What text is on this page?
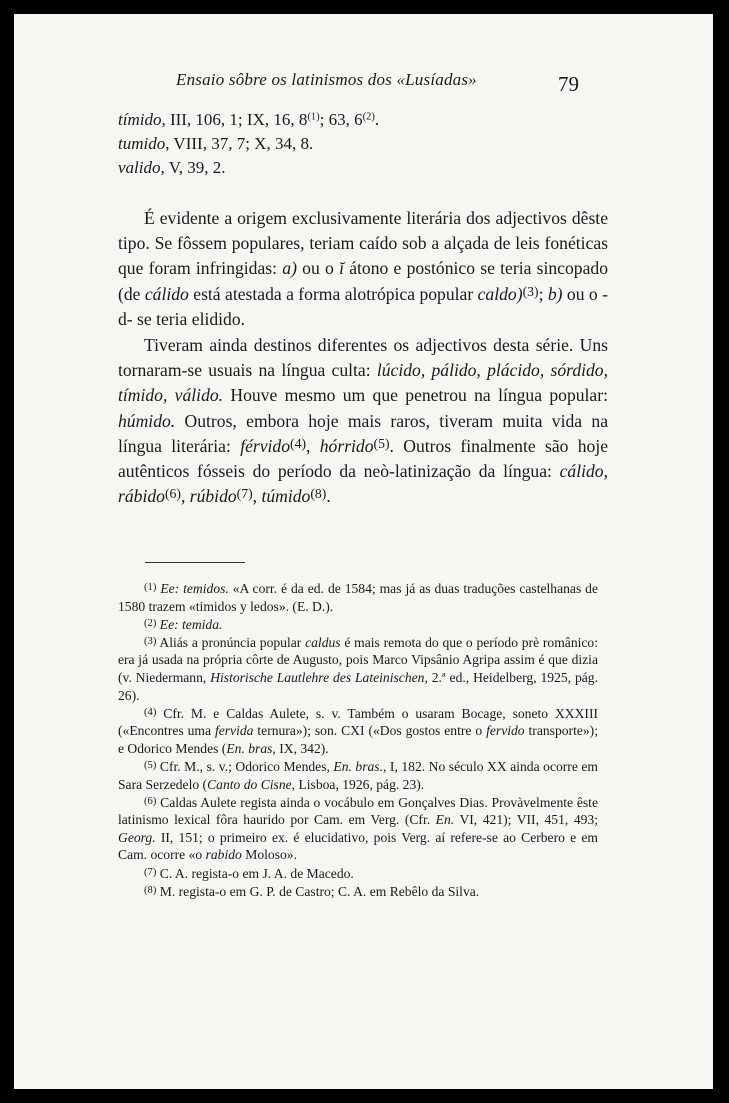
Ensaio sôbre os latinismos dos «Lusíadas»	79
tímido, III, 106, 1; IX, 16, 8$^{(1)}$; 63, 6$^{(2)}$.
tumido, VIII, 37, 7; X, 34, 8.
valido, V, 39, 2.

É evidente a origem exclusivamente literária dos adjectivos dêste tipo. Se fôssem populares, teriam caído sob a alçada de leis fonéticas que foram infringidas: a) ou o ĭ átono e postónico se teria sincopado (de cálido está atestada a forma alotrópica popular caldo)$^{(3)}$; b) ou o -d- se teria elidido.

Tiveram ainda destinos diferentes os adjectivos desta série. Uns tornaram-se usuais na língua culta: lúcido, pálido, plácido, sórdido, tímido, válido. Houve mesmo um que penetrou na língua popular: húmido. Outros, embora hoje mais raros, tiveram muita vida na língua literária: férvido$^{(4)}$, hórrido$^{(5)}$. Outros finalmente são hoje autênticos fósseis do período da neò-latinização da língua: cálido, rábido$^{(6)}$, rúbido$^{(7)}$, túmido$^{(8)}$.

$^{(1)}$ Ee: temidos. «A corr. é da ed. de 1584; mas já as duas traduções castelhanas de 1580 trazem «timidos y ledos». (E. D.).

$^{(2)}$ Ee: temida.

$^{(3)}$ Aliás a pronúncia popular caldus é mais remota do que o período prè românico: era já usada na própria côrte de Augusto, pois Marco Vipsânio Agripa assim é que dizia (v. Niedermann, Historische Lautlehre des Lateinischen, 2.ª ed., Heidelberg, 1925, pág. 26).

$^{(4)}$ Cfr. M. e Caldas Aulete, s. v. Também o usaram Bocage, soneto XXXIII («Encontres uma fervida ternura»); son. CXI («Dos gostos entre o fervido transporte»); e Odorico Mendes (En. bras, IX, 342).

$^{(5)}$ Cfr. M., s. v.; Odorico Mendes, En. bras., I, 182. No século XX ainda ocorre em Sara Serzedelo (Canto do Cisne, Lisboa, 1926, pág. 23).

$^{(6)}$ Caldas Aulete regista ainda o vocábulo em Gonçalves Dias. Provàvelmente êste latinismo lexical fôra haurido por Cam. em Verg. (Cfr. En. VI, 421); VII, 451, 493; Georg. II, 151; o primeiro ex. é elucidativo, pois Verg. aí refere-se ao Cerbero e em Cam. ocorre «o rabido Moloso».

$^{(7)}$ C. A. regista-o em J. A. de Macedo.

$^{(8)}$ M. regista-o em G. P. de Castro; C. A. em Rebêlo da Silva.
